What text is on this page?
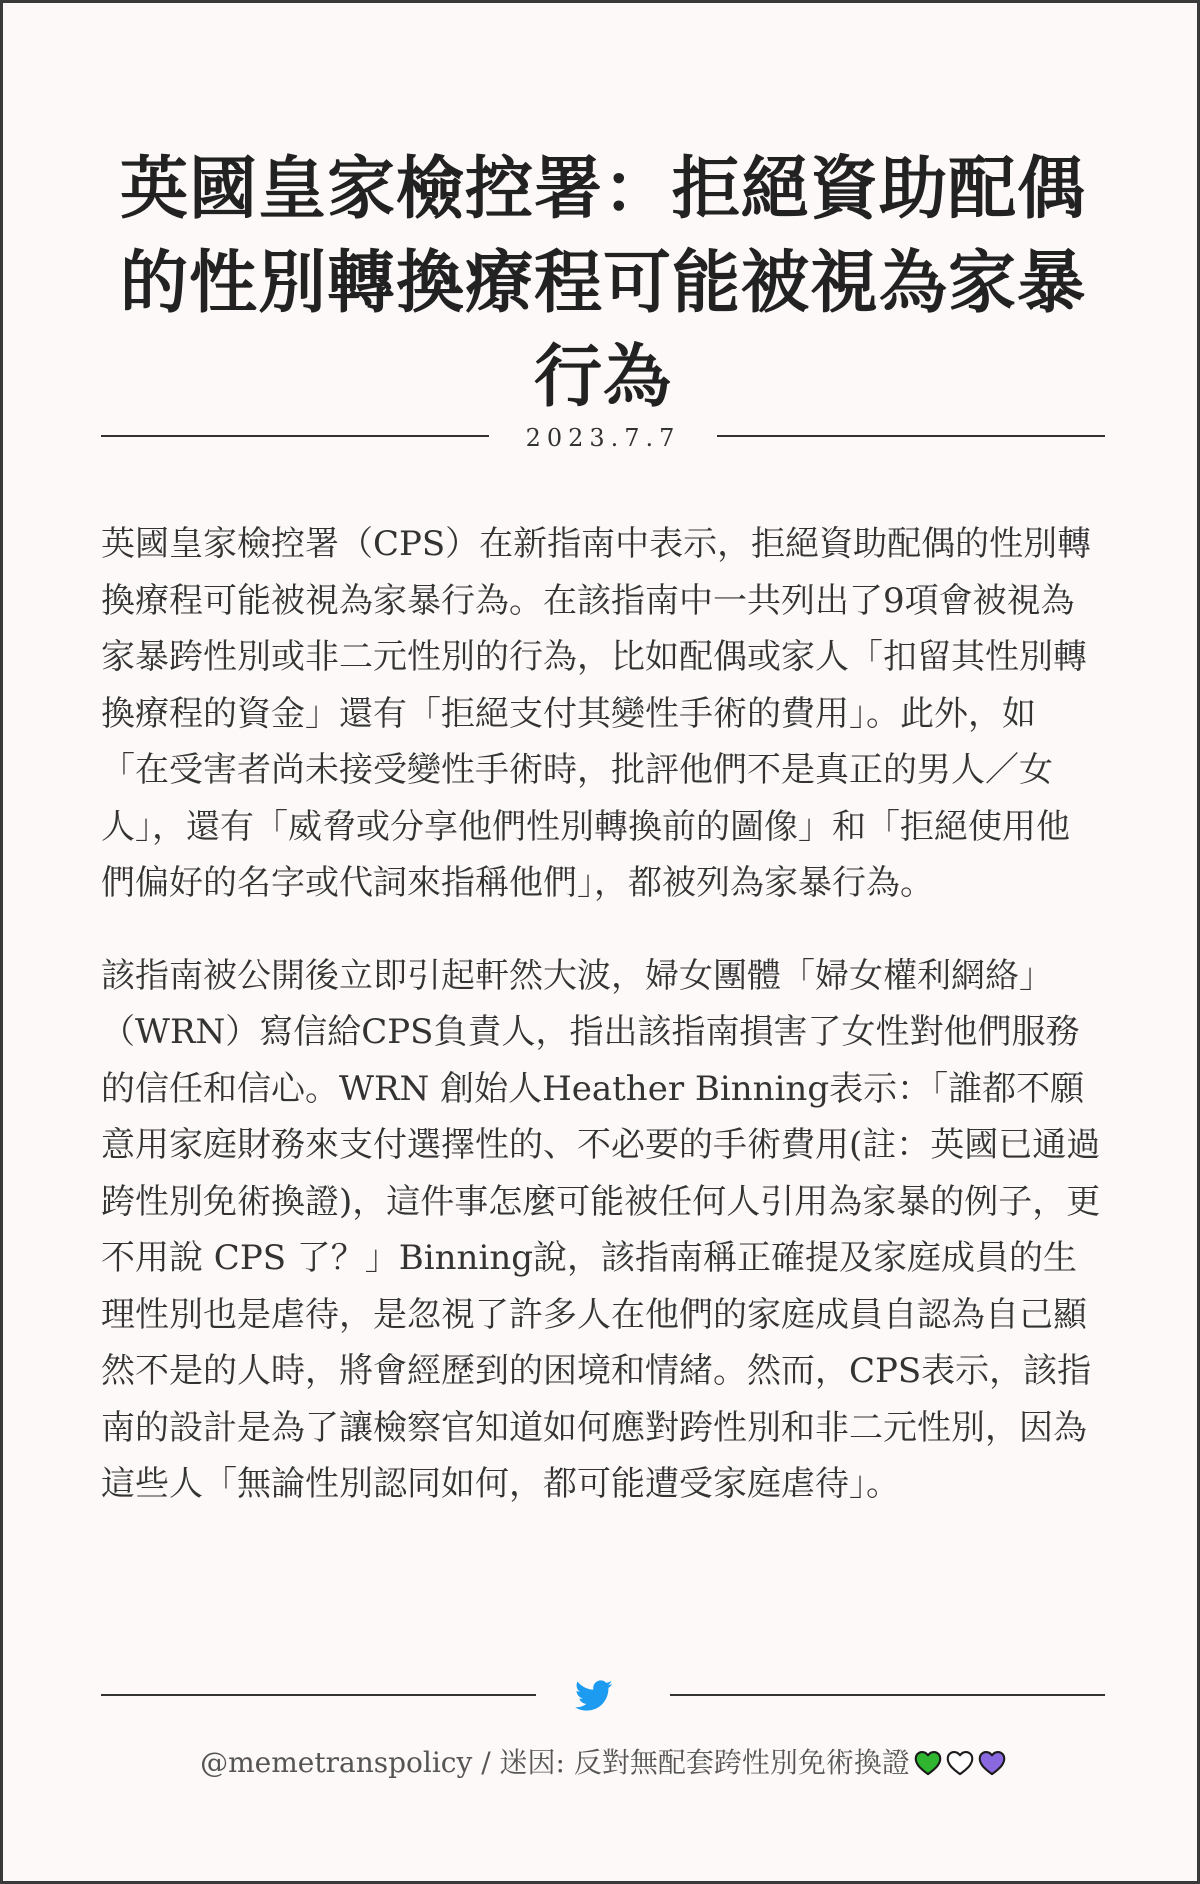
英國皇家檢控署：拒絕資助配偶的性別轉換療程可能被視為家暴行為
2023.7.7

英國皇家檢控署（CPS）在新指南中表示，拒絕資助配偶的性別轉換療程可能被視為家暴行為。在該指南中一共列出了9項會被視為家暴跨性別或非二元性別的行為，比如配偶或家人「扣留其性別轉換療程的資金」還有「拒絕支付其變性手術的費用」。此外，如「在受害者尚未接受變性手術時，批評他們不是真正的男人／女人」，還有「威脅或分享他們性別轉換前的圖像」和「拒絕使用他們偏好的名字或代詞來指稱他們」，都被列為家暴行為。

該指南被公開後立即引起軒然大波，婦女團體「婦女權利網絡」（WRN）寫信給CPS負責人，指出該指南損害了女性對他們服務的信任和信心。WRN 創始人Heather Binning表示：「誰都不願意用家庭財務來支付選擇性的、不必要的手術費用(註：英國已通過跨性別免術換證)，這件事怎麼可能被任何人引用為家暴的例子，更不用說 CPS 了？」Binning說，該指南稱正確提及家庭成員的生理性別也是虐待，是忽視了許多人在他們的家庭成員自認為自己顯然不是的人時，將會經歷到的困境和情緒。然而，CPS表示，該指南的設計是為了讓檢察官知道如何應對跨性別和非二元性別，因為這些人「無論性別認同如何，都可能遭受家庭虐待」。

@memetranspolicy / 迷因: 反對無配套跨性別免術換證
